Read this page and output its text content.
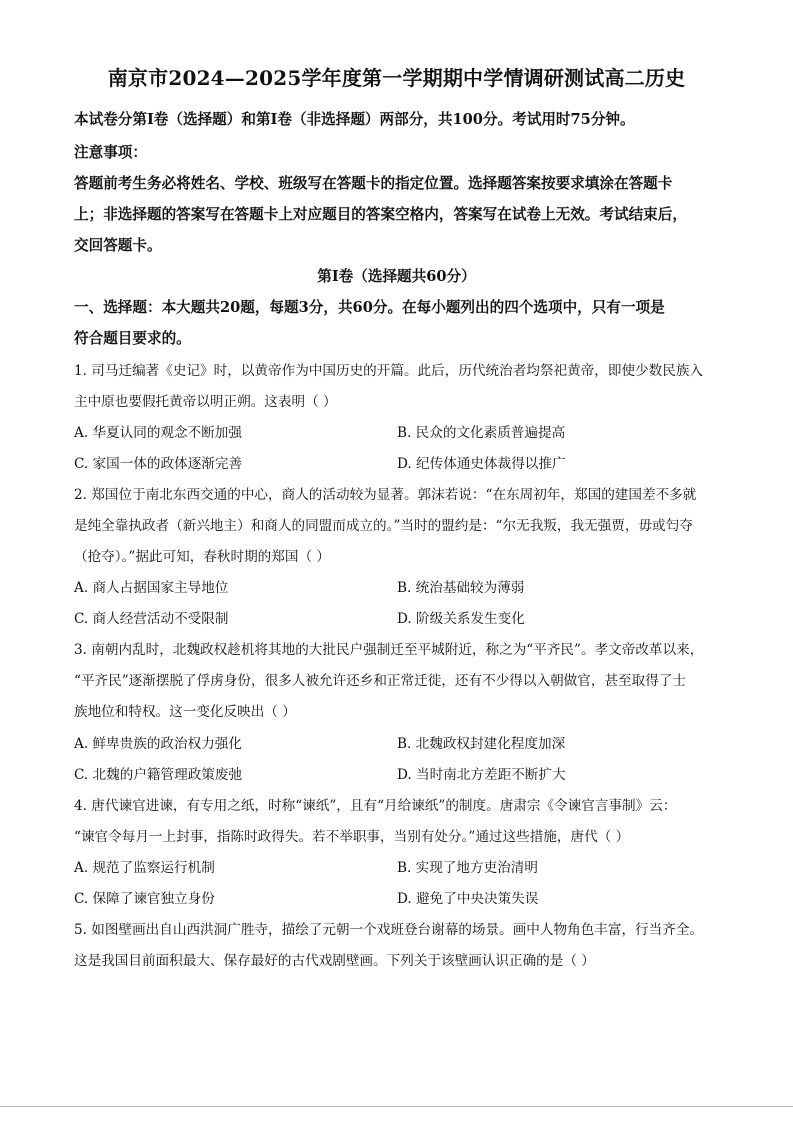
南京市2024—2025学年度第一学期期中学情调研测试高二历史
本试卷分第Ⅰ卷（选择题）和第Ⅰ卷（非选择题）两部分，共100分。考试用时75分钟。
注意事项：
答题前考生务必将姓名、学校、班级写在答题卡的指定位置。选择题答案按要求填涂在答题卡
上；非选择题的答案写在答题卡上对应题目的答案空格内，答案写在试卷上无效。考试结束后，
交回答题卡。
第Ⅰ卷（选择题共60分）
一、选择题：本大题共20题，每题3分，共60分。在每小题列出的四个选项中，只有一项是
符合题目要求的。
1. 司马迁编著《史记》时，以黄帝作为中国历史的开篇。此后，历代统治者均祭祀黄帝，即使少数民族入
主中原也要假托黄帝以明正朔。这表明（ ）
A. 华夏认同的观念不断加强	B. 民众的文化素质普遍提高
C. 家国一体的政体逐渐完善	D. 纪传体通史体裁得以推广
2. 郑国位于南北东西交通的中心，商人的活动较为显著。郭沫若说：“在东周初年，郑国的建国差不多就
是纯全靠执政者（新兴地主）和商人的同盟而成立的。”当时的盟约是：“尔无我叛，我无强贾，毋或匄夺
（抢夺）。”据此可知，春秋时期的郑国（ ）
A. 商人占据国家主导地位	B. 统治基础较为薄弱
C. 商人经营活动不受限制	D. 阶级关系发生变化
3. 南朝内乱时，北魏政权趁机将其地的大批民户强制迁至平城附近，称之为“平齐民”。孝文帝改革以来，
“平齐民”逐渐摆脱了俘虏身份，很多人被允许还乡和正常迁徙，还有不少得以入朝做官，甚至取得了士
族地位和特权。这一变化反映出（ ）
A. 鲜卑贵族的政治权力强化	B. 北魏政权封建化程度加深
C. 北魏的户籍管理政策废弛	D. 当时南北方差距不断扩大
4. 唐代谏官进谏，有专用之纸，时称“谏纸”，且有“月给谏纸”的制度。唐肃宗《令谏官言事制》云：
“谏官令每月一上封事，指陈时政得失。若不举职事，当别有处分。”通过这些措施，唐代（ ）
A. 规范了监察运行机制	B. 实现了地方吏治清明
C. 保障了谏官独立身份	D. 避免了中央决策失误
5. 如图壁画出自山西洪洞广胜寺，描绘了元朝一个戏班登台谢幕的场景。画中人物角色丰富，行当齐全。
这是我国目前面积最大、保存最好的古代戏剧壁画。下列关于该壁画认识正确的是（ ）
